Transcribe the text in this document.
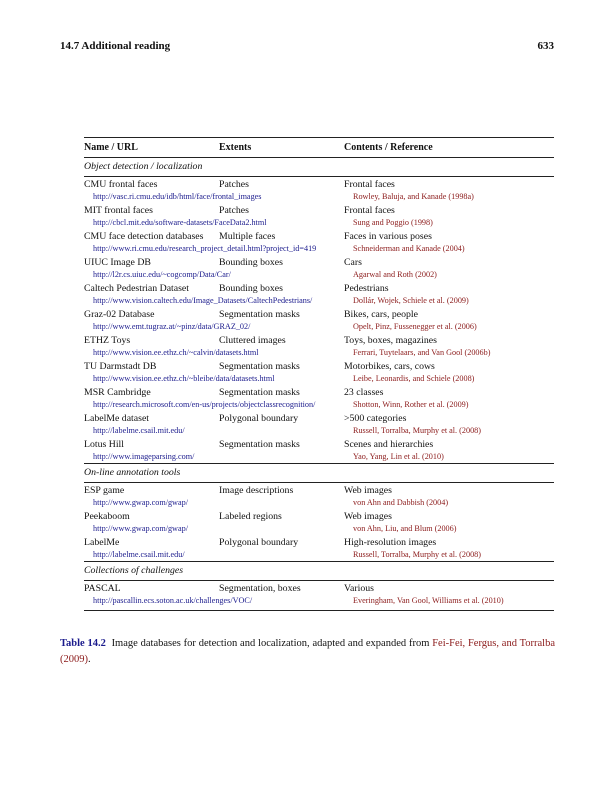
14.7 Additional reading	633
Name / URL	Extents	Contents / Reference
Object detection / localization		
CMU frontal faces	Patches	Frontal faces
http://vasc.ri.cmu.edu/idb/html/face/frontal_images		Rowley, Baluja, and Kanade (1998a)
MIT frontal faces	Patches	Frontal faces
http://cbcl.mit.edu/software-datasets/FaceData2.html		Sung and Poggio (1998)
CMU face detection databases	Multiple faces	Faces in various poses
http://www.ri.cmu.edu/research_project_detail.html?project_id=419		Schneiderman and Kanade (2004)
UIUC Image DB	Bounding boxes	Cars
http://l2r.cs.uiuc.edu/~cogcomp/Data/Car/		Agarwal and Roth (2002)
Caltech Pedestrian Dataset	Bounding boxes	Pedestrians
http://www.vision.caltech.edu/Image_Datasets/CaltechPedestrians/		Dollár, Wojek, Schiele et al. (2009)
Graz-02 Database	Segmentation masks	Bikes, cars, people
http://www.emt.tugraz.at/~pinz/data/GRAZ_02/		Opelt, Pinz, Fussenegger et al. (2006)
ETHZ Toys	Cluttered images	Toys, boxes, magazines
http://www.vision.ee.ethz.ch/~calvin/datasets.html		Ferrari, Tuytelaars, and Van Gool (2006b)
TU Darmstadt DB	Segmentation masks	Motorbikes, cars, cows
http://www.vision.ee.ethz.ch/~bleibe/data/datasets.html		Leibe, Leonardis, and Schiele (2008)
MSR Cambridge	Segmentation masks	23 classes
http://research.microsoft.com/en-us/projects/objectclassrecognition/		Shotton, Winn, Rother et al. (2009)
LabelMe dataset	Polygonal boundary	>500 categories
http://labelme.csail.mit.edu/		Russell, Torralba, Murphy et al. (2008)
Lotus Hill	Segmentation masks	Scenes and hierarchies
http://www.imageparsing.com/		Yao, Yang, Lin et al. (2010)
On-line annotation tools		
ESP game	Image descriptions	Web images
http://www.gwap.com/gwap/		von Ahn and Dabbish (2004)
Peekaboom	Labeled regions	Web images
http://www.gwap.com/gwap/		von Ahn, Liu, and Blum (2006)
LabelMe	Polygonal boundary	High-resolution images
http://labelme.csail.mit.edu/		Russell, Torralba, Murphy et al. (2008)
Collections of challenges		
PASCAL	Segmentation, boxes	Various
http://pascallin.ecs.soton.ac.uk/challenges/VOC/		Everingham, Van Gool, Williams et al. (2010)
Table 14.2 Image databases for detection and localization, adapted and expanded from Fei-Fei, Fergus, and Torralba (2009).
